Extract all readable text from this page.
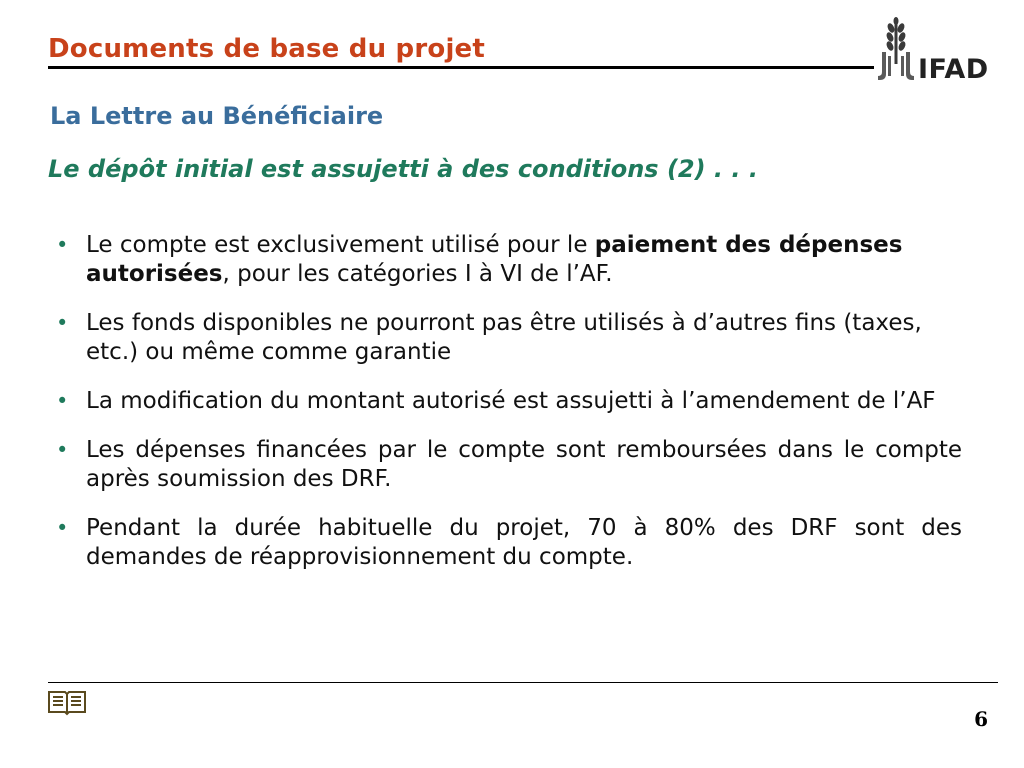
Documents de base du projet
IFAD
La Lettre au Bénéficiaire
Le dépôt initial est assujetti à des conditions (2) . . .
• Le compte est exclusivement utilisé pour le paiement des dépenses autorisées, pour les catégories I à VI de l’AF.
• Les fonds disponibles ne pourront pas être utilisés à d’autres fins (taxes, etc.) ou même comme garantie
• La modification du montant autorisé est assujetti à l’amendement de l’AF
• Les dépenses financées par le compte sont remboursées dans le compte après soumission des DRF.
• Pendant la durée habituelle du projet, 70 à 80% des DRF sont des demandes de réapprovisionnement du compte.
6
